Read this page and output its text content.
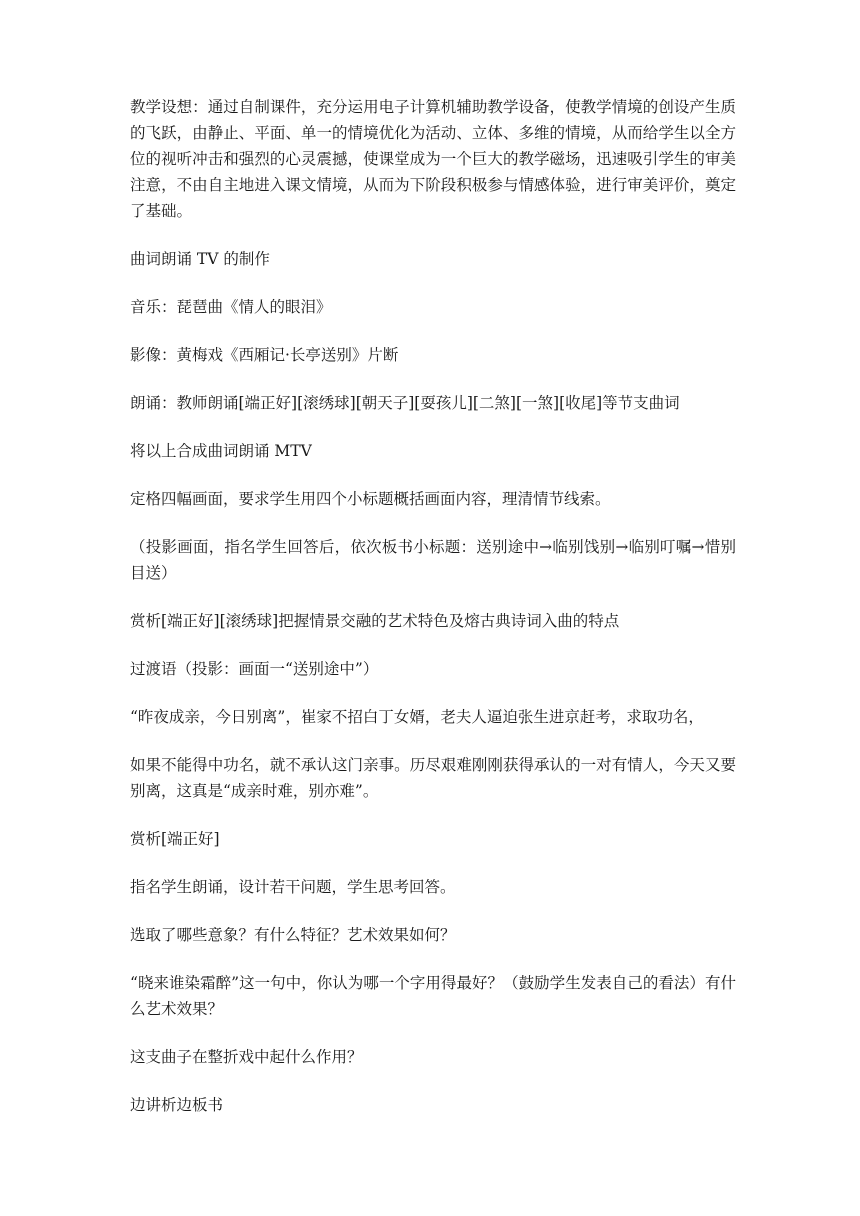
教学设想：通过自制课件，充分运用电子计算机辅助教学设备，使教学情境的创设产生质的飞跃，由静止、平面、单一的情境优化为活动、立体、多维的情境，从而给学生以全方位的视听冲击和强烈的心灵震撼，使课堂成为一个巨大的教学磁场，迅速吸引学生的审美注意，不由自主地进入课文情境，从而为下阶段积极参与情感体验，进行审美评价，奠定了基础。

曲词朗诵 TV 的制作

音乐：琵琶曲《情人的眼泪》

影像：黄梅戏《西厢记·长亭送别》片断

朗诵：教师朗诵[端正好][滚绣球][朝天子][耍孩儿][二煞][一煞][收尾]等节支曲词

将以上合成曲词朗诵 MTV

定格四幅画面，要求学生用四个小标题概括画面内容，理清情节线索。

（投影画面，指名学生回答后，依次板书小标题：送别途中→临别饯别→临别叮嘱→惜别目送）

赏析[端正好][滚绣球]把握情景交融的艺术特色及熔古典诗词入曲的特点

过渡语（投影：画面一“送别途中”）

“昨夜成亲，今日别离”，崔家不招白丁女婿，老夫人逼迫张生进京赶考，求取功名，

如果不能得中功名，就不承认这门亲事。历尽艰难刚刚获得承认的一对有情人，今天又要别离，这真是“成亲时难，别亦难”。

赏析[端正好]

指名学生朗诵，设计若干问题，学生思考回答。

选取了哪些意象？有什么特征？艺术效果如何？

“晓来谁染霜醉”这一句中，你认为哪一个字用得最好？（鼓励学生发表自己的看法）有什么艺术效果？

这支曲子在整折戏中起什么作用？

边讲析边板书
